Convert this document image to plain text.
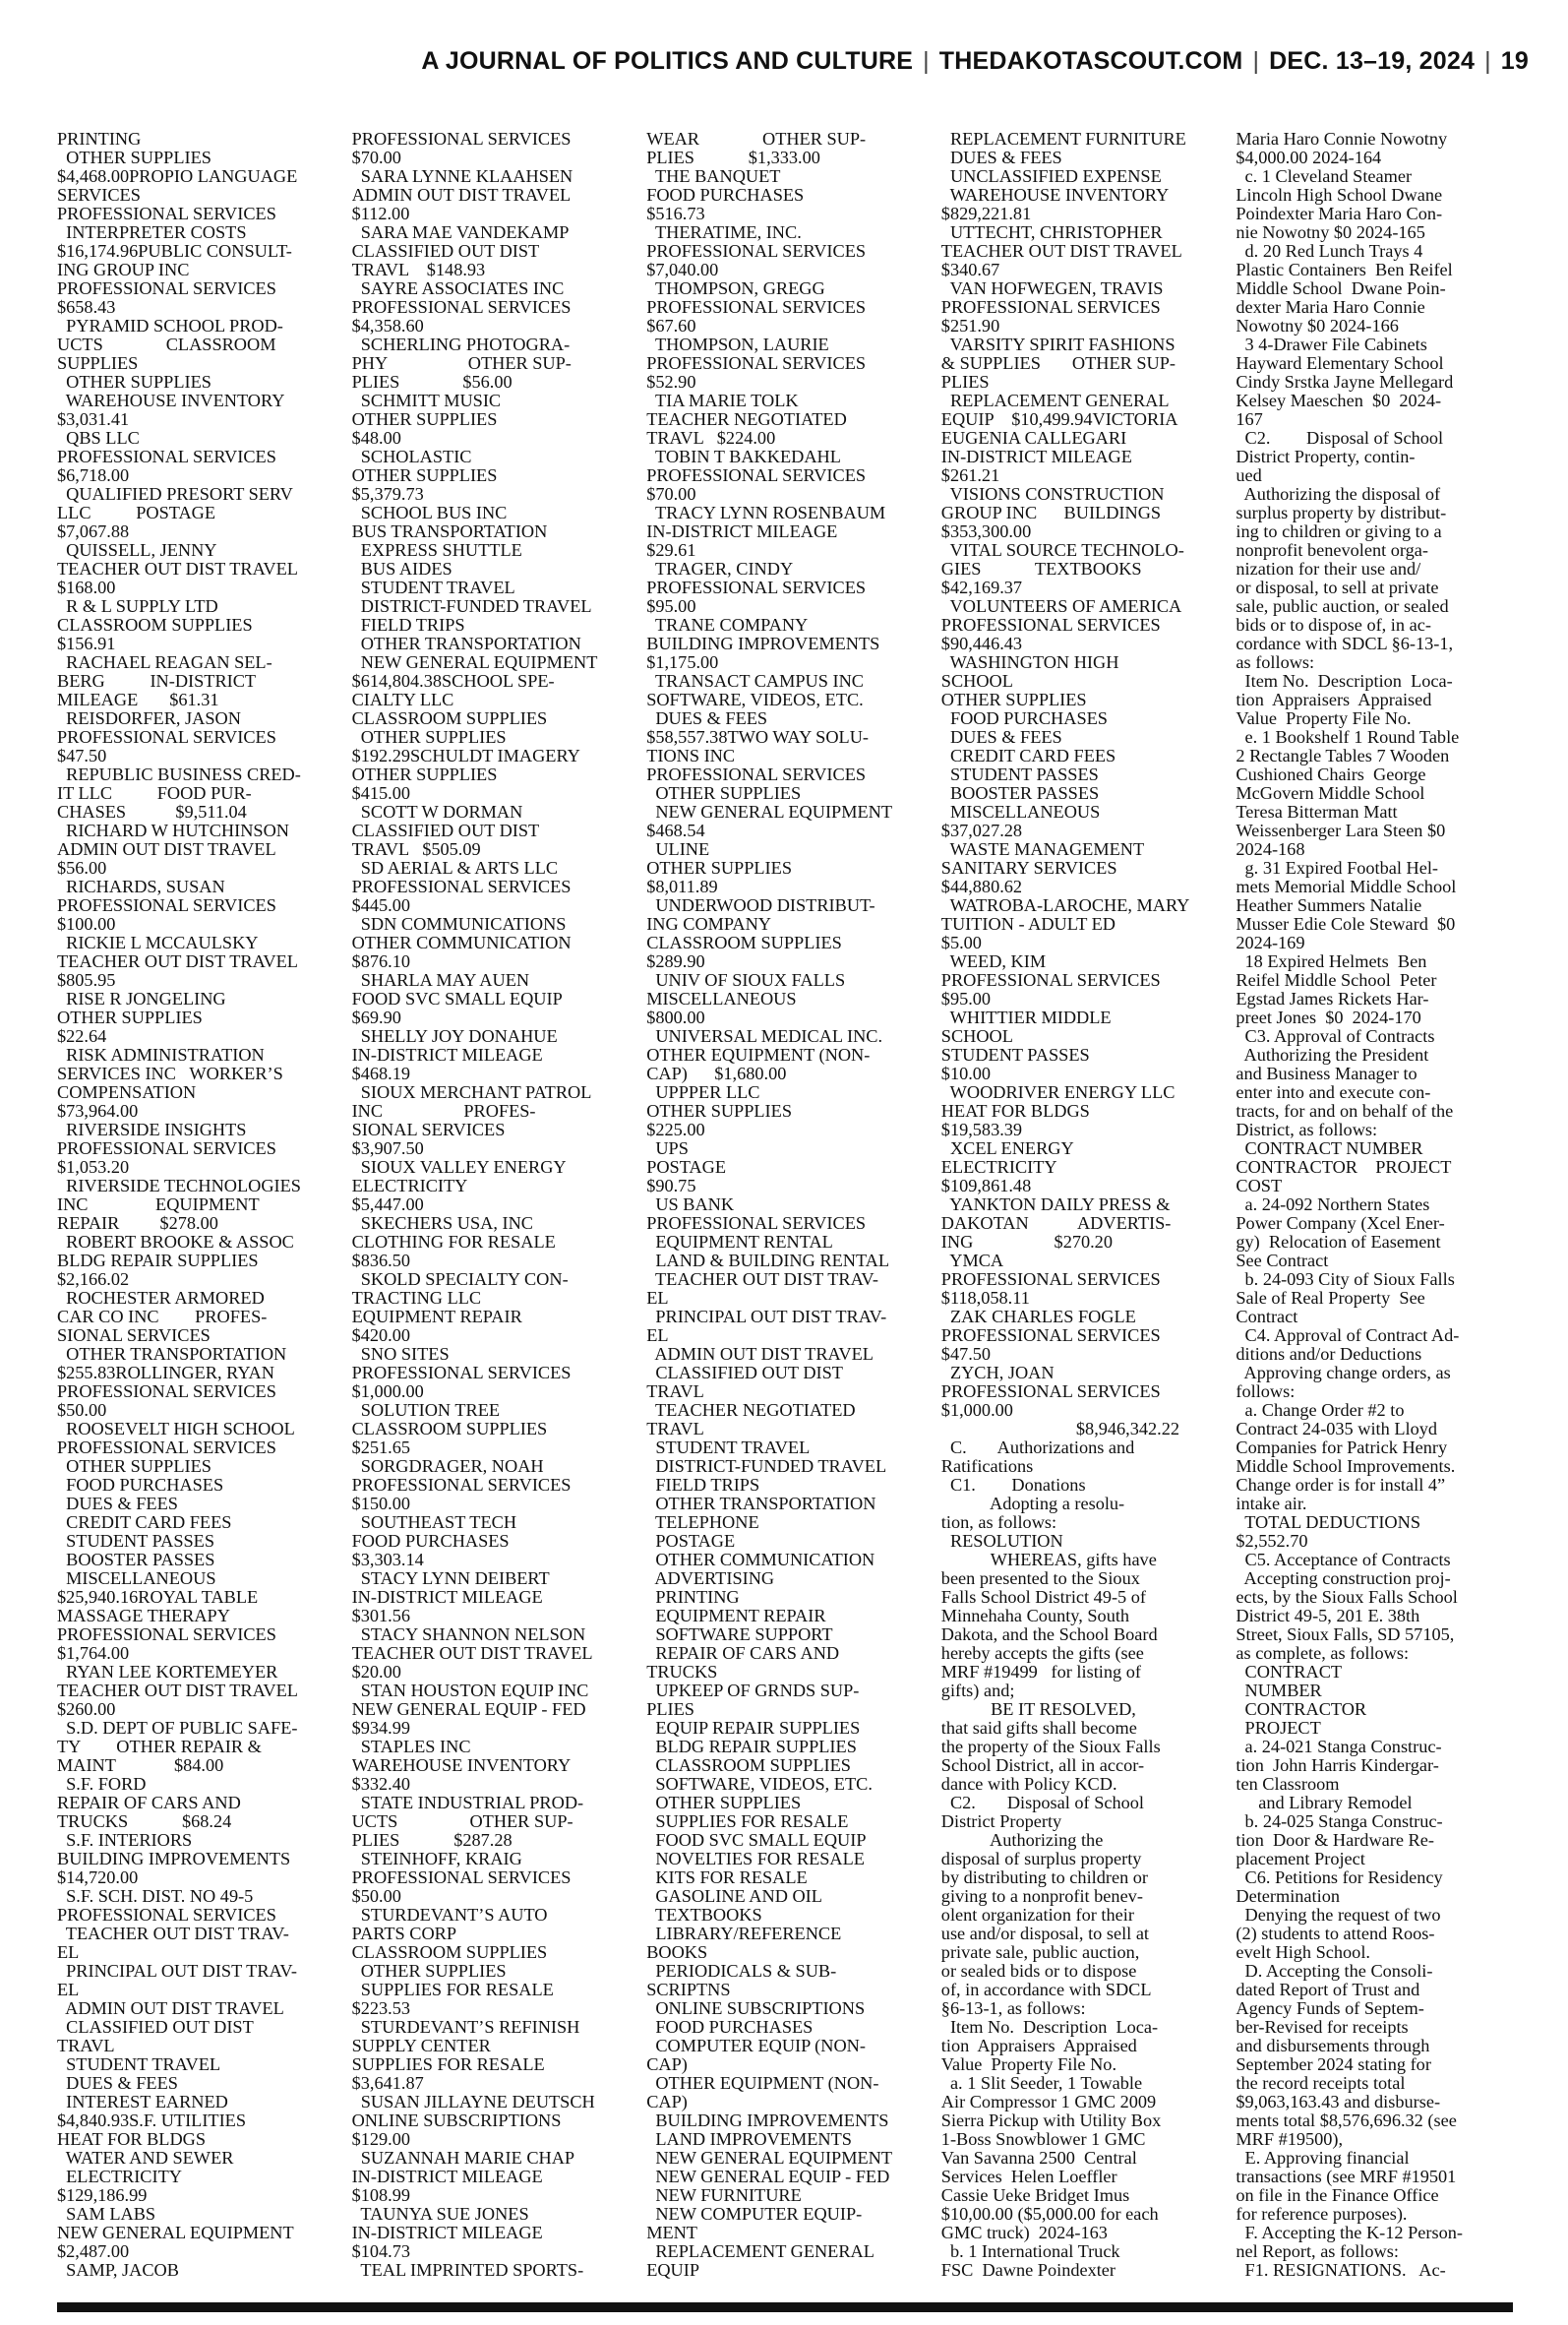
A JOURNAL OF POLITICS AND CULTURE | THEDAKOTASCOUT.COM | DEC. 13–19, 2024 | 19
PRINTING
OTHER SUPPLIES
$4,468.00PROPIO LANGUAGE
SERVICES
PROFESSIONAL SERVICES
INTERPRETER COSTS
$16,174.96PUBLIC CONSULT-
ING GROUP INC
PROFESSIONAL SERVICES
$658.43
PYRAMID SCHOOL PROD-
UCTS              CLASSROOM
SUPPLIES
OTHER SUPPLIES
WAREHOUSE INVENTORY
$3,031.41
QBS LLC
PROFESSIONAL SERVICES
$6,718.00
QUALIFIED PRESORT SERV
LLC          POSTAGE
$7,067.88
QUISSELL, JENNY
TEACHER OUT DIST TRAVEL
$168.00
R & L SUPPLY LTD
CLASSROOM SUPPLIES
$156.91
RACHAEL REAGAN SEL-
BERG          IN-DISTRICT
MILEAGE       $61.31
REISDORFER, JASON
PROFESSIONAL SERVICES
$47.50
REPUBLIC BUSINESS CRED-
IT LLC          FOOD PUR-
CHASES           $9,511.04
RICHARD W HUTCHINSON
ADMIN OUT DIST TRAVEL
$56.00
RICHARDS, SUSAN
PROFESSIONAL SERVICES
$100.00
RICKIE L MCCAULSKY
TEACHER OUT DIST TRAVEL
$805.95
RISE R JONGELING
OTHER SUPPLIES
$22.64
RISK ADMINISTRATION
SERVICES INC   WORKER’S
COMPENSATION
$73,964.00
RIVERSIDE INSIGHTS
PROFESSIONAL SERVICES
$1,053.20
RIVERSIDE TECHNOLOGIES
INC               EQUIPMENT
REPAIR         $278.00
ROBERT BROOKE & ASSOC
BLDG REPAIR SUPPLIES
$2,166.02
ROCHESTER ARMORED
CAR CO INC        PROFES-
SIONAL SERVICES
OTHER TRANSPORTATION
$255.83ROLLINGER, RYAN
PROFESSIONAL SERVICES
$50.00
ROOSEVELT HIGH SCHOOL
PROFESSIONAL SERVICES
OTHER SUPPLIES
FOOD PURCHASES
DUES & FEES
CREDIT CARD FEES
STUDENT PASSES
BOOSTER PASSES
MISCELLANEOUS
$25,940.16ROYAL TABLE
MASSAGE THERAPY
PROFESSIONAL SERVICES
$1,764.00
RYAN LEE KORTEMEYER
TEACHER OUT DIST TRAVEL
$260.00
S.D. DEPT OF PUBLIC SAFE-
TY        OTHER REPAIR &
MAINT             $84.00
S.F. FORD
REPAIR OF CARS AND
TRUCKS            $68.24
S.F. INTERIORS
BUILDING IMPROVEMENTS
$14,720.00
S.F. SCH. DIST. NO 49-5
PROFESSIONAL SERVICES
TEACHER OUT DIST TRAV-
EL
PRINCIPAL OUT DIST TRAV-
EL
ADMIN OUT DIST TRAVEL
CLASSIFIED OUT DIST
TRAVL
STUDENT TRAVEL
DUES & FEES
INTEREST EARNED
$4,840.93S.F. UTILITIES
HEAT FOR BLDGS
WATER AND SEWER
ELECTRICITY
$129,186.99
SAM LABS
NEW GENERAL EQUIPMENT
$2,487.00
SAMP, JACOB
PROFESSIONAL SERVICES
$70.00
SARA LYNNE KLAAHSEN
ADMIN OUT DIST TRAVEL
$112.00
SARA MAE VANDEKAMP
CLASSIFIED OUT DIST
TRAVL    $148.93
SAYRE ASSOCIATES INC
PROFESSIONAL SERVICES
$4,358.60
SCHERLING PHOTOGRA-
PHY                  OTHER SUP-
PLIES              $56.00
SCHMITT MUSIC
OTHER SUPPLIES
$48.00
SCHOLASTIC
OTHER SUPPLIES
$5,379.73
SCHOOL BUS INC
BUS TRANSPORTATION
EXPRESS SHUTTLE
BUS AIDES
STUDENT TRAVEL
DISTRICT-FUNDED TRAVEL
FIELD TRIPS
OTHER TRANSPORTATION
NEW GENERAL EQUIPMENT
$614,804.38SCHOOL SPE-
CIALTY LLC
CLASSROOM SUPPLIES
OTHER SUPPLIES
$192.29SCHULDT IMAGERY
OTHER SUPPLIES
$415.00
SCOTT W DORMAN
CLASSIFIED OUT DIST
TRAVL   $505.09
SD AERIAL & ARTS LLC
PROFESSIONAL SERVICES
$445.00
SDN COMMUNICATIONS
OTHER COMMUNICATION
$876.10
SHARLA MAY AUEN
FOOD SVC SMALL EQUIP
$69.90
SHELLY JOY DONAHUE
IN-DISTRICT MILEAGE
$468.19
SIOUX MERCHANT PATROL
INC                  PROFES-
SIONAL SERVICES
$3,907.50
SIOUX VALLEY ENERGY
ELECTRICITY
$5,447.00
SKECHERS USA, INC
CLOTHING FOR RESALE
$836.50
SKOLD SPECIALTY CON-
TRACTING LLC
EQUIPMENT REPAIR
$420.00
SNO SITES
PROFESSIONAL SERVICES
$1,000.00
SOLUTION TREE
CLASSROOM SUPPLIES
$251.65
SORGDRAGER, NOAH
PROFESSIONAL SERVICES
$150.00
SOUTHEAST TECH
FOOD PURCHASES
$3,303.14
STACY LYNN DEIBERT
IN-DISTRICT MILEAGE
$301.56
STACY SHANNON NELSON
TEACHER OUT DIST TRAVEL
$20.00
STAN HOUSTON EQUIP INC
NEW GENERAL EQUIP - FED
$934.99
STAPLES INC
WAREHOUSE INVENTORY
$332.40
STATE INDUSTRIAL PROD-
UCTS                OTHER SUP-
PLIES            $287.28
STEINHOFF, KRAIG
PROFESSIONAL SERVICES
$50.00
STURDEVANT’S AUTO
PARTS CORP
CLASSROOM SUPPLIES
OTHER SUPPLIES
SUPPLIES FOR RESALE
$223.53
STURDEVANT’S REFINISH
SUPPLY CENTER
SUPPLIES FOR RESALE
$3,641.87
SUSAN JILLAYNE DEUTSCH
ONLINE SUBSCRIPTIONS
$129.00
SUZANNAH MARIE CHAP
IN-DISTRICT MILEAGE
$108.99
TAUNYA SUE JONES
IN-DISTRICT MILEAGE
$104.73
TEAL IMPRINTED SPORTS-
WEAR              OTHER SUP-
PLIES            $1,333.00
THE BANQUET
FOOD PURCHASES
$516.73
THERATIME, INC.
PROFESSIONAL SERVICES
$7,040.00
THOMPSON, GREGG
PROFESSIONAL SERVICES
$67.60
THOMPSON, LAURIE
PROFESSIONAL SERVICES
$52.90
TIA MARIE TOLK
TEACHER NEGOTIATED
TRAVL   $224.00
TOBIN T BAKKEDAHL
PROFESSIONAL SERVICES
$70.00
TRACY LYNN ROSENBAUM
IN-DISTRICT MILEAGE
$29.61
TRAGER, CINDY
PROFESSIONAL SERVICES
$95.00
TRANE COMPANY
BUILDING IMPROVEMENTS
$1,175.00
TRANSACT CAMPUS INC
SOFTWARE, VIDEOS, ETC.
DUES & FEES
$58,557.38TWO WAY SOLU-
TIONS INC
PROFESSIONAL SERVICES
OTHER SUPPLIES
NEW GENERAL EQUIPMENT
$468.54
ULINE
OTHER SUPPLIES
$8,011.89
UNDERWOOD DISTRIBUT-
ING COMPANY
CLASSROOM SUPPLIES
$289.90
UNIV OF SIOUX FALLS
MISCELLANEOUS
$800.00
UNIVERSAL MEDICAL INC.
OTHER EQUIPMENT (NON-
CAP)      $1,680.00
UPPPER LLC
OTHER SUPPLIES
$225.00
UPS
POSTAGE
$90.75
US BANK
PROFESSIONAL SERVICES
EQUIPMENT RENTAL
LAND & BUILDING RENTAL
TEACHER OUT DIST TRAV-
EL
PRINCIPAL OUT DIST TRAV-
EL
ADMIN OUT DIST TRAVEL
CLASSIFIED OUT DIST
TRAVL
TEACHER NEGOTIATED
TRAVL
STUDENT TRAVEL
DISTRICT-FUNDED TRAVEL
FIELD TRIPS
OTHER TRANSPORTATION
TELEPHONE
POSTAGE
OTHER COMMUNICATION
ADVERTISING
PRINTING
EQUIPMENT REPAIR
SOFTWARE SUPPORT
REPAIR OF CARS AND
TRUCKS
UPKEEP OF GRNDS SUP-
PLIES
EQUIP REPAIR SUPPLIES
BLDG REPAIR SUPPLIES
CLASSROOM SUPPLIES
SOFTWARE, VIDEOS, ETC.
OTHER SUPPLIES
SUPPLIES FOR RESALE
FOOD SVC SMALL EQUIP
NOVELTIES FOR RESALE
KITS FOR RESALE
GASOLINE AND OIL
TEXTBOOKS
LIBRARY/REFERENCE
BOOKS
PERIODICALS & SUB-
SCRIPTNS
ONLINE SUBSCRIPTIONS
FOOD PURCHASES
COMPUTER EQUIP (NON-
CAP)
OTHER EQUIPMENT (NON-
CAP)
BUILDING IMPROVEMENTS
LAND IMPROVEMENTS
NEW GENERAL EQUIPMENT
NEW GENERAL EQUIP - FED
NEW FURNITURE
NEW COMPUTER EQUIP-
MENT
REPLACEMENT GENERAL
EQUIP
REPLACEMENT FURNITURE
DUES & FEES
UNCLASSIFIED EXPENSE
WAREHOUSE INVENTORY
$829,221.81
UTTECHT, CHRISTOPHER
TEACHER OUT DIST TRAVEL
$340.67
VAN HOFWEGEN, TRAVIS
PROFESSIONAL SERVICES
$251.90
VARSITY SPIRIT FASHIONS
& SUPPLIES       OTHER SUP-
PLIES
REPLACEMENT GENERAL
EQUIP    $10,499.94VICTORIA
EUGENIA CALLEGARI
IN-DISTRICT MILEAGE
$261.21
VISIONS CONSTRUCTION
GROUP INC      BUILDINGS
$353,300.00
VITAL SOURCE TECHNOLO-
GIES            TEXTBOOKS
$42,169.37
VOLUNTEERS OF AMERICA
PROFESSIONAL SERVICES
$90,446.43
WASHINGTON HIGH
SCHOOL
OTHER SUPPLIES
FOOD PURCHASES
DUES & FEES
CREDIT CARD FEES
STUDENT PASSES
BOOSTER PASSES
MISCELLANEOUS
$37,027.28
WASTE MANAGEMENT
SANITARY SERVICES
$44,880.62
WATROBA-LAROCHE, MARY
TUITION - ADULT ED
$5.00
WEED, KIM
PROFESSIONAL SERVICES
$95.00
WHITTIER MIDDLE
SCHOOL
STUDENT PASSES
$10.00
WOODRIVER ENERGY LLC
HEAT FOR BLDGS
$19,583.39
XCEL ENERGY
ELECTRICITY
$109,861.48
YANKTON DAILY PRESS &
DAKOTAN           ADVERTIS-
ING                  $270.20
YMCA
PROFESSIONAL SERVICES
$118,058.11
ZAK CHARLES FOGLE
PROFESSIONAL SERVICES
$47.50
ZYCH, JOAN
PROFESSIONAL SERVICES
$1,000.00
$8,946,342.22
C.       Authorizations and
Ratifications
C1.        Donations
Adopting a resolu-
tion, as follows:
RESOLUTION
WHEREAS, gifts have
been presented to the Sioux
Falls School District 49-5 of
Minnehaha County, South
Dakota, and the School Board
hereby accepts the gifts (see
MRF #19499   for listing of
gifts) and;
BE IT RESOLVED,
that said gifts shall become
the property of the Sioux Falls
School District, all in accor-
dance with Policy KCD.
C2.       Disposal of School
District Property
Authorizing the
disposal of surplus property
by distributing to children or
giving to a nonprofit benev-
olent organization for their
use and/or disposal, to sell at
private sale, public auction,
or sealed bids or to dispose
of, in accordance with SDCL
§6-13-1, as follows:
Item No.  Description  Loca-
tion  Appraisers  Appraised
Value  Property File No.
a. 1 Slit Seeder, 1 Towable
Air Compressor 1 GMC 2009
Sierra Pickup with Utility Box
1-Boss Snowblower 1 GMC
Van Savanna 2500  Central
Services  Helen Loeffler
Cassie Ueke Bridget Imus
$10,00.00 ($5,000.00 for each
GMC truck)  2024-163
b. 1 International Truck
FSC  Dawne Poindexter
Maria Haro Connie Nowotny
$4,000.00 2024-164
c. 1 Cleveland Steamer
Lincoln High School Dwane
Poindexter Maria Haro Con-
nie Nowotny $0 2024-165
d. 20 Red Lunch Trays 4
Plastic Containers  Ben Reifel
Middle School  Dwane Poin-
dexter Maria Haro Connie
Nowotny $0 2024-166
3 4-Drawer File Cabinets
Hayward Elementary School
Cindy Srstka Jayne Mellegard
Kelsey Maeschen  $0  2024-
167
C2.        Disposal of School
District Property, contin-
ued
Authorizing the disposal of
surplus property by distribut-
ing to children or giving to a
nonprofit benevolent orga-
nization for their use and/
or disposal, to sell at private
sale, public auction, or sealed
bids or to dispose of, in ac-
cordance with SDCL §6-13-1,
as follows:
Item No.  Description  Loca-
tion  Appraisers  Appraised
Value  Property File No.
e. 1 Bookshelf 1 Round Table
2 Rectangle Tables 7 Wooden
Cushioned Chairs  George
McGovern Middle School
Teresa Bitterman Matt
Weissenberger Lara Steen $0
2024-168
g. 31 Expired Footbal Hel-
mets Memorial Middle School
Heather Summers Natalie
Musser Edie Cole Steward  $0
2024-169
18 Expired Helmets  Ben
Reifel Middle School  Peter
Egstad James Rickets Har-
preet Jones  $0  2024-170
C3. Approval of Contracts
Authorizing the President
and Business Manager to
enter into and execute con-
tracts, for and on behalf of the
District, as follows:
CONTRACT NUMBER
CONTRACTOR    PROJECT
COST
a. 24-092 Northern States
Power Company (Xcel Ener-
gy)  Relocation of Easement
See Contract
b. 24-093 City of Sioux Falls
Sale of Real Property  See
Contract
C4. Approval of Contract Ad-
ditions and/or Deductions
Approving change orders, as
follows:
a. Change Order #2 to
Contract 24-035 with Lloyd
Companies for Patrick Henry
Middle School Improvements.
Change order is for install 4”
intake air.
TOTAL DEDUCTIONS
$2,552.70
C5. Acceptance of Contracts
Accepting construction proj-
ects, by the Sioux Falls School
District 49-5, 201 E. 38th
Street, Sioux Falls, SD 57105,
as complete, as follows:
CONTRACT
NUMBER
CONTRACTOR
PROJECT
a. 24-021 Stanga Construc-
tion  John Harris Kindergar-
ten Classroom
and Library Remodel
b. 24-025 Stanga Construc-
tion  Door & Hardware Re-
placement Project
C6. Petitions for Residency
Determination
Denying the request of two
(2) students to attend Roos-
evelt High School.
D. Accepting the Consoli-
dated Report of Trust and
Agency Funds of Septem-
ber-Revised for receipts
and disbursements through
September 2024 stating for
the record receipts total
$9,063,163.43 and disburse-
ments total $8,576,696.32 (see
MRF #19500),
E. Approving financial
transactions (see MRF #19501
on file in the Finance Office
for reference purposes).
F. Accepting the K-12 Person-
nel Report, as follows:
F1. RESIGNATIONS.   Ac-
